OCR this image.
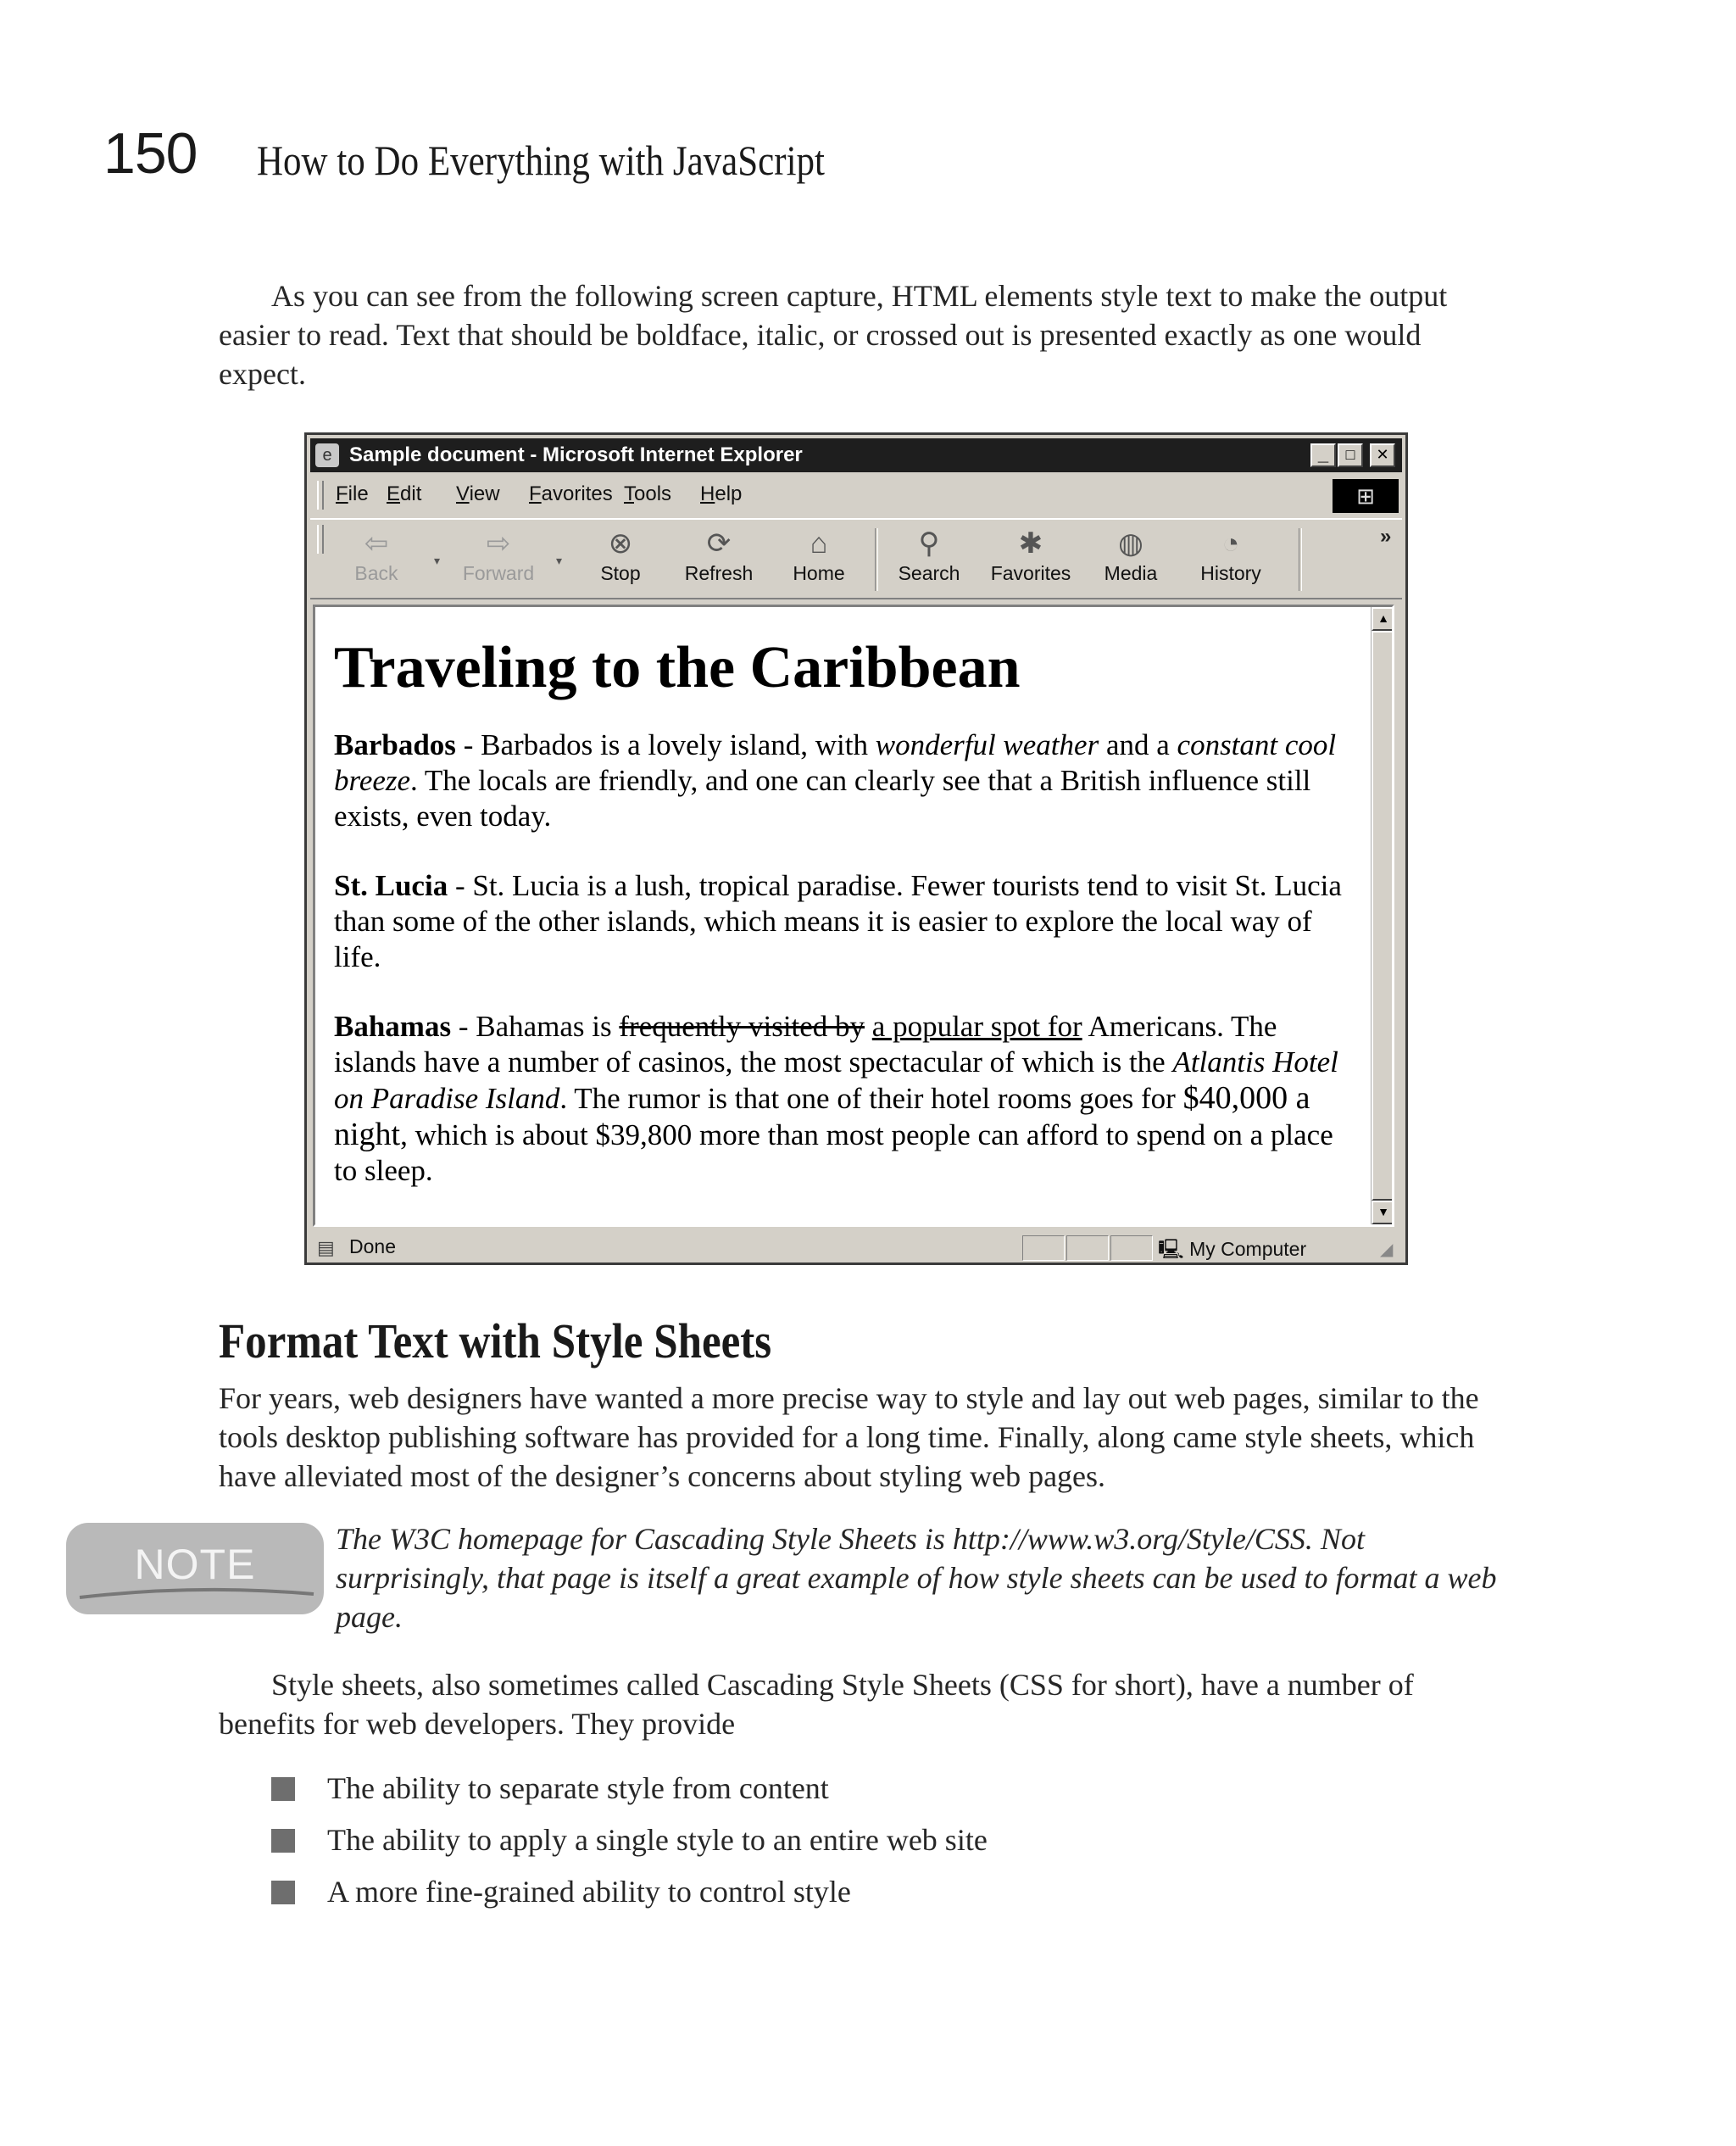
150 How to Do Everything with JavaScript
As you can see from the following screen capture, HTML elements style text to make the output easier to read. Text that should be boldface, italic, or crossed out is presented exactly as one would expect.
e Sample document - Microsoft Internet Explorer	_	□	✕
File Edit View Favorites Tools Help	⊞
⇦
Back
▾
⇨
Forward
▾
⊗
Stop
⟳
Refresh
⌂
Home
⚲
Search
✱
Favorites
◍
Media
◔
History
»
Traveling to the Caribbean

Barbados - Barbados is a lovely island, with wonderful weather and a constant cool breeze. The locals are friendly, and one can clearly see that a British influence still exists, even today.

St. Lucia - St. Lucia is a lush, tropical paradise. Fewer tourists tend to visit St. Lucia than some of the other islands, which means it is easier to explore the local way of life.

Bahamas - Bahamas is frequently visited by a popular spot for Americans. The islands have a number of casinos, the most spectacular of which is the Atlantis Hotel on Paradise Island. The rumor is that one of their hotel rooms goes for $40,000 a night, which is about $39,800 more than most people can afford to spend on a place to sleep.

▲
▼
▤ Done	🖳 My Computer	◢
Format Text with Style Sheets
For years, web designers have wanted a more precise way to style and lay out web pages, similar to the tools desktop publishing software has provided for a long time. Finally, along came style sheets, which have alleviated most of the designer’s concerns about styling web pages.
NOTE
The W3C homepage for Cascading Style Sheets is http://www.w3.org/Style/CSS. Not surprisingly, that page is itself a great example of how style sheets can be used to format a web page.
Style sheets, also sometimes called Cascading Style Sheets (CSS for short), have a number of benefits for web developers. They provide
The ability to separate style from content
The ability to apply a single style to an entire web site
A more fine-grained ability to control style
